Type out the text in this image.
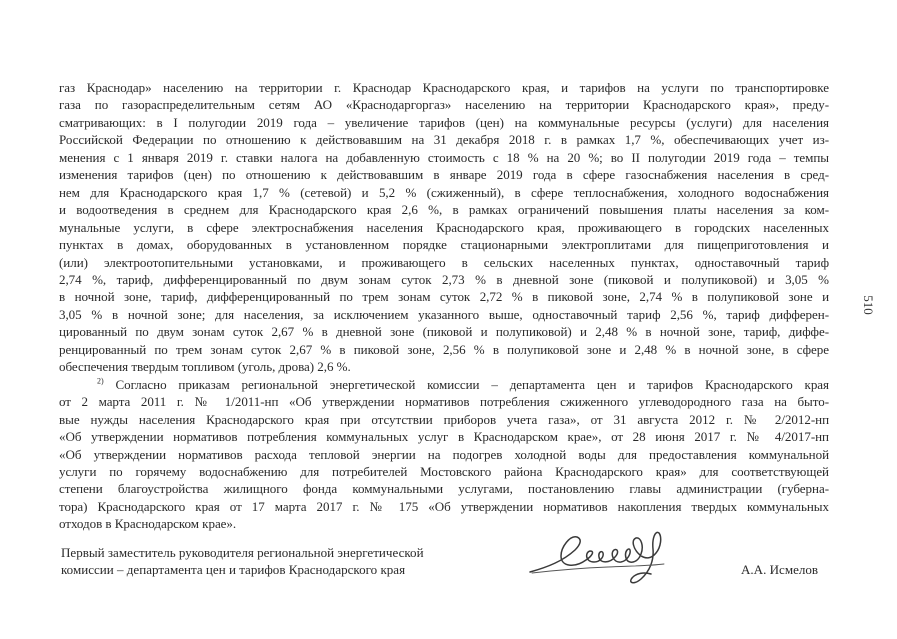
газ Краснодар» населению на территории г. Краснодар Краснодарского края, и тарифов на услуги по транспортировке
газа по газораспределительным сетям АО «Краснодаргоргаз» населению на территории Краснодарского края», преду-
сматривающих: в I полугодии 2019 года – увеличение тарифов (цен) на коммунальные ресурсы (услуги) для населения
Российской Федерации по отношению к действовавшим на 31 декабря 2018 г. в рамках 1,7 %, обеспечивающих учет из-
менения с 1 января 2019 г. ставки налога на добавленную стоимость с 18 % на 20 %; во II полугодии 2019 года – темпы
изменения тарифов (цен) по отношению к действовавшим в январе 2019 года в сфере газоснабжения населения в сред-
нем для Краснодарского края 1,7 % (сетевой) и 5,2 % (сжиженный), в сфере теплоснабжения, холодного водоснабжения
и водоотведения в среднем для Краснодарского края 2,6 %, в рамках ограничений повышения платы населения за ком-
мунальные услуги, в сфере электроснабжения населения Краснодарского края, проживающего в городских населенных
пунктах в домах, оборудованных в установленном порядке стационарными электроплитами для пищеприготовления и
(или) электроотопительными установками, и проживающего в сельских населенных пунктах, одноставочный тариф
2,74 %, тариф, дифференцированный по двум зонам суток 2,73 % в дневной зоне (пиковой и полупиковой) и 3,05 %
в ночной зоне, тариф, дифференцированный по трем зонам суток 2,72 % в пиковой зоне, 2,74 % в полупиковой зоне и
3,05 % в ночной зоне; для населения, за исключением указанного выше, одноставочный тариф 2,56 %, тариф дифферен-
цированный по двум зонам суток 2,67 % в дневной зоне (пиковой и полупиковой) и 2,48 % в ночной зоне, тариф, диффе-
ренцированный по трем зонам суток 2,67 % в пиковой зоне, 2,56 % в полупиковой зоне и 2,48 % в ночной зоне, в сфере
обеспечения твердым топливом (уголь, дрова) 2,6 %.
$^{2)}$ Согласно приказам региональной энергетической комиссии – департамента цен и тарифов Краснодарского края
от 2 марта 2011 г. № 1/2011-нп «Об утверждении нормативов потребления сжиженного углеводородного газа на быто-
вые нужды населения Краснодарского края при отсутствии приборов учета газа», от 31 августа 2012 г. № 2/2012-нп
«Об утверждении нормативов потребления коммунальных услуг в Краснодарском крае», от 28 июня 2017 г. № 4/2017-нп
«Об утверждении нормативов расхода тепловой энергии на подогрев холодной воды для предоставления коммунальной
услуги по горячему водоснабжению для потребителей Мостовского района Краснодарского края» для соответствующей
степени благоустройства жилищного фонда коммунальными услугами, постановлению главы администрации (губерна-
тора) Краснодарского края от 17 марта 2017 г. № 175 «Об утверждении нормативов накопления твердых коммунальных
отходов в Краснодарском крае».
510
Первый заместитель руководителя региональной энергетической
комиссии – департамента цен и тарифов Краснодарского края	А.А. Исмелов
